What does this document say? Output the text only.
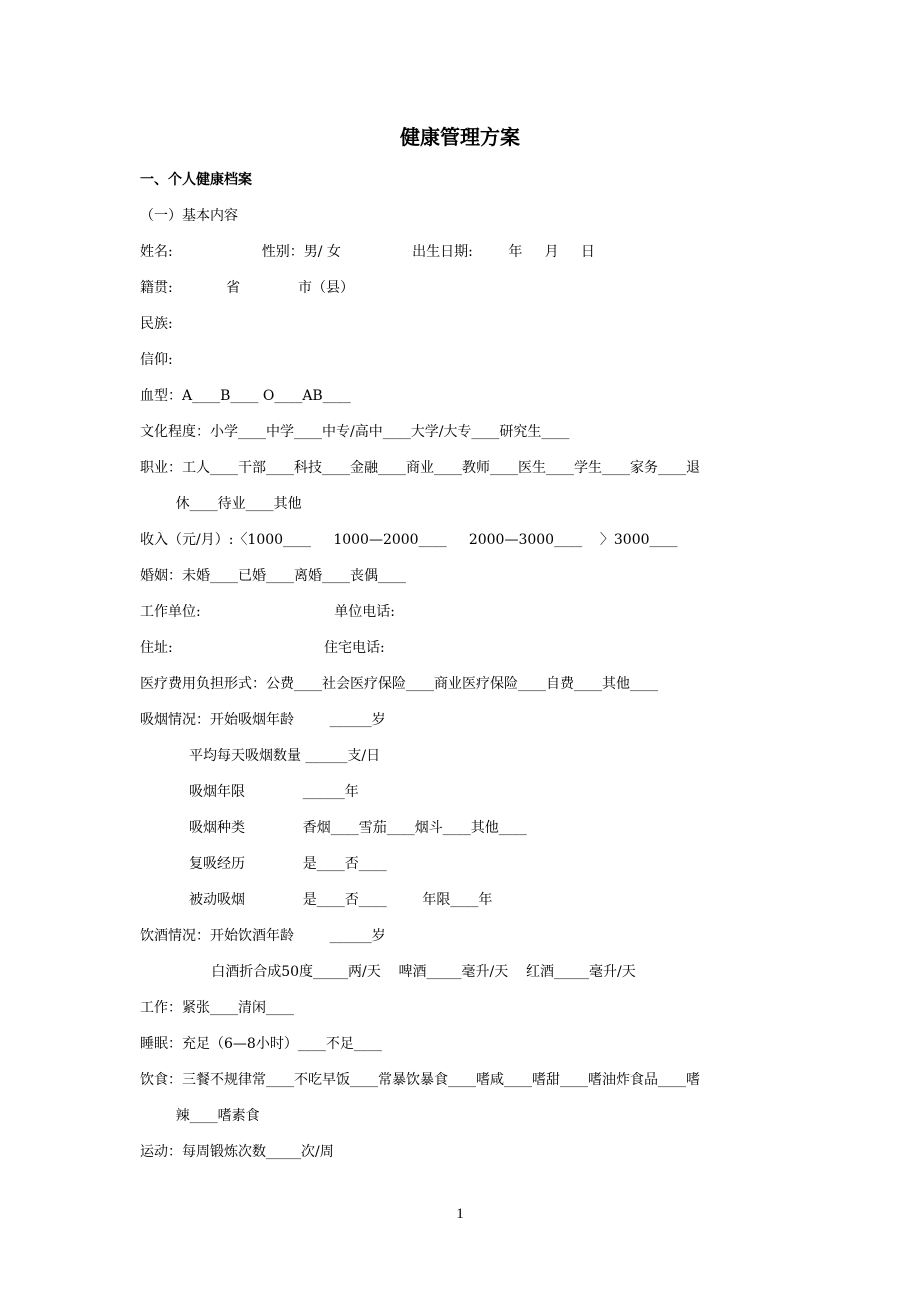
健康管理方案
一、个人健康档案
（一）基本内容
姓名:                    性别：男/ 女                出生日期:        年     月     日
籍贯:            省             市（县）
民族:
信仰:
血型：A____B____ O____AB____
文化程度：小学____中学____中专/高中____大学/大专____研究生____
职业：工人____干部____科技____金融____商业____教师____医生____学生____家务____退
休____待业____其他
收入（元/月）:〈1000____     1000—2000____     2000—3000____    〉3000____
婚姻：未婚____已婚____离婚____丧偶____
工作单位:                              单位电话:
住址:                                  住宅电话:
医疗费用负担形式：公费____社会医疗保险____商业医疗保险____自费____其他____
吸烟情况：开始吸烟年龄        ______岁
平均每天吸烟数量 ______支/日
吸烟年限             ______年
吸烟种类             香烟____雪茄____烟斗____其他____
复吸经历             是____否____
被动吸烟             是____否____        年限____年
饮酒情况：开始饮酒年龄        ______岁
白酒折合成50度_____两/天    啤酒_____毫升/天    红酒_____毫升/天
工作：紧张____清闲____
睡眠：充足（6—8小时）____不足____
饮食：三餐不规律常____不吃早饭____常暴饮暴食____嗜咸____嗜甜____嗜油炸食品____嗜
辣____嗜素食
运动：每周锻炼次数_____次/周
1
